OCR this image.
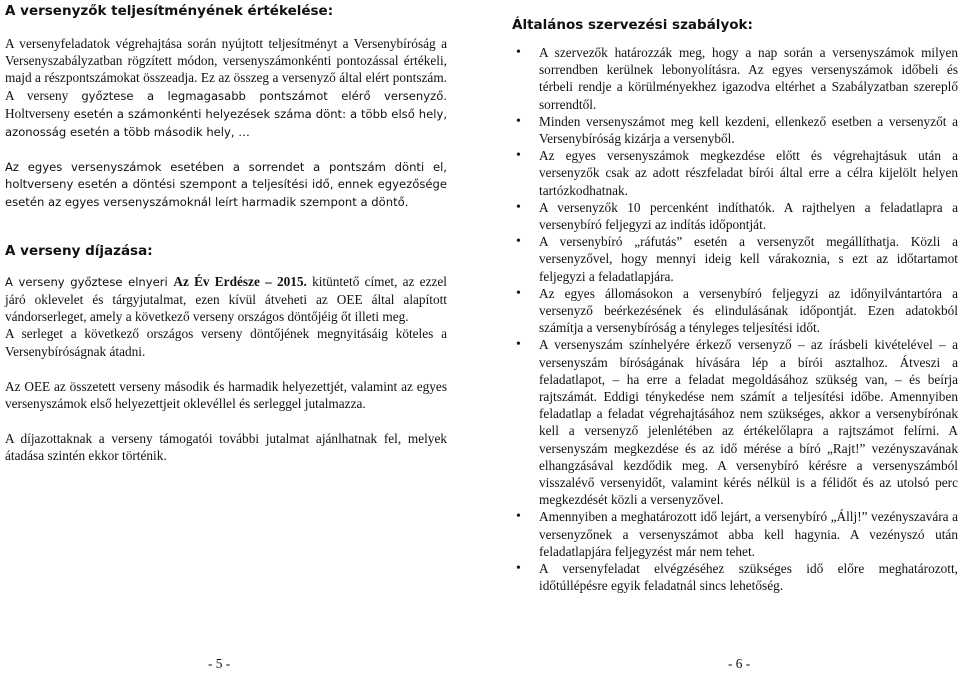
A versenyzők teljesítményének értékelése:

A versenyfeladatok végrehajtása során nyújtott teljesítményt a Versenybíróság a Versenyszabályzatban rögzített módon, versenyszámonkénti pontozással értékeli, majd a részpontszámokat összeadja. Ez az összeg a versenyző által elért pontszám. A verseny győztese a legmagasabb pontszámot elérő versenyző. Holtverseny esetén a számonkénti helyezések száma dönt: a több első hely, azonosság esetén a több második hely, …

Az egyes versenyszámok esetében a sorrendet a pontszám dönti el, holtverseny esetén a döntési szempont a teljesítési idő, ennek egyezősége esetén az egyes versenyszámoknál leírt harmadik szempont a döntő.

A verseny díjazása:

A verseny győztese elnyeri Az Év Erdésze – 2015. kitüntető címet, az ezzel járó oklevelet és tárgyjutalmat, ezen kívül átveheti az OEE által alapított vándorserleget, amely a következő verseny országos döntőjéig őt illeti meg.

A serleget a következő országos verseny döntőjének megnyitásáig köteles a Versenybíróságnak átadni.

Az OEE az összetett verseny második és harmadik helyezettjét, valamint az egyes versenyszámok első helyezettjeit oklevéllel és serleggel jutalmazza.

A díjazottaknak a verseny támogatói további jutalmat ajánlhatnak fel, melyek átadása szintén ekkor történik.

Általános szervezési szabályok:
• A szervezők határozzák meg, hogy a nap során a versenyszámok milyen sorrendben kerülnek lebonyolításra. Az egyes versenyszámok időbeli és térbeli rendje a körülményekhez igazodva eltérhet a Szabályzatban szereplő sorrendtől.
• Minden versenyszámot meg kell kezdeni, ellenkező esetben a versenyzőt a Versenybíróság kizárja a versenyből.
• Az egyes versenyszámok megkezdése előtt és végrehajtásuk után a versenyzők csak az adott részfeladat bírói által erre a célra kijelölt helyen tartózkodhatnak.
• A versenyzők 10 percenként indíthatók. A rajthelyen a feladatlapra a versenybíró feljegyzi az indítás időpontját.
• A versenybíró „ráfutás” esetén a versenyzőt megállíthatja. Közli a versenyzővel, hogy mennyi ideig kell várakoznia, s ezt az időtartamot feljegyzi a feladatlapjára.
• Az egyes állomásokon a versenybíró feljegyzi az időnyilvántartóra a versenyző beérkezésének és elindulásának időpontját. Ezen adatokból számítja a versenybíróság a tényleges teljesítési időt.
• A versenyszám színhelyére érkező versenyző – az írásbeli kivételével – a versenyszám bíróságának hívására lép a bírói asztalhoz. Átveszi a feladatlapot, – ha erre a feladat megoldásához szükség van, – és beírja rajtszámát. Eddigi ténykedése nem számít a teljesítési időbe. Amennyiben feladatlap a feladat végrehajtásához nem szükséges, akkor a versenybírónak kell a versenyző jelenlétében az értékelőlapra a rajtszámot felírni. A versenyszám megkezdése és az idő mérése a bíró „Rajt!” vezényszavának elhangzásával kezdődik meg. A versenybíró kérésre a versenyszámból visszalévő versenyidőt, valamint kérés nélkül is a félidőt és az utolsó perc megkezdését közli a versenyzővel.
• Amennyiben a meghatározott idő lejárt, a versenybíró „Állj!” vezényszavára a versenyzőnek a versenyszámot abba kell hagynia. A vezényszó után feladatlapjára feljegyzést már nem tehet.
• A versenyfeladat elvégzéséhez szükséges idő előre meghatározott, időtúllépésre egyik feladatnál sincs lehetőség.
- 5 -	- 6 -
